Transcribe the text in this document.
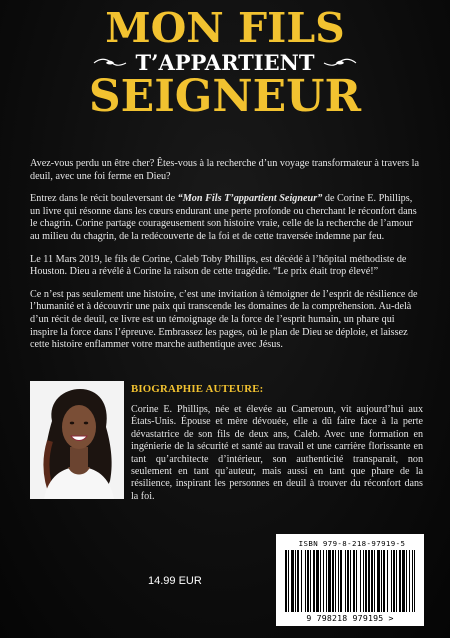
MON FILS
T’APPARTIENT
SEIGNEUR

Avez-vous perdu un être cher? Êtes-vous à la recherche d’un voyage transformateur à travers la deuil, avec une foi ferme en Dieu?

Entrez dans le récit bouleversant de “Mon Fils T’appartient Seigneur” de Corine E. Phillips, un livre qui résonne dans les cœurs endurant une perte profonde ou cherchant le réconfort dans le chagrin. Corine partage courageusement son histoire vraie, celle de la recherche de l’amour au milieu du chagrin, de la redécouverte de la foi et de cette traversée indemne par feu.

Le 11 Mars 2019, le fils de Corine, Caleb Toby Phillips, est décédé à l’hôpital méthodiste de Houston. Dieu a révélé à Corine la raison de cette tragédie. “Le prix était trop élevé!”

Ce n’est pas seulement une histoire, c’est une invitation à témoigner de l’esprit de résilience de l’humanité et à découvrir une paix qui transcende les domaines de la compréhension. Au-delà d’un récit de deuil, ce livre est un témoignage de la force de l’esprit humain, un phare qui inspire la force dans l’épreuve. Embrassez les pages, où le plan de Dieu se déploie, et laissez cette histoire enflammer votre marche authentique avec Jésus.

BIOGRAPHIE AUTEURE:
Corine E. Phillips, née et élevée au Cameroun, vit aujourd’hui aux États-Unis. Épouse et mère dévouée, elle a dû faire face à la perte dévastatrice de son fils de deux ans, Caleb. Avec une formation en ingénierie de la sécurité et santé au travail et une carrière florissante en tant qu’architecte d’intérieur, son authenticité transparait, non seulement en tant qu’auteur, mais aussi en tant que phare de la résilience, inspirant les personnes en deuil à trouver du réconfort dans la foi.
14.99 EUR
ISBN 979-8-218-97919-5
9 798218 979195 >
